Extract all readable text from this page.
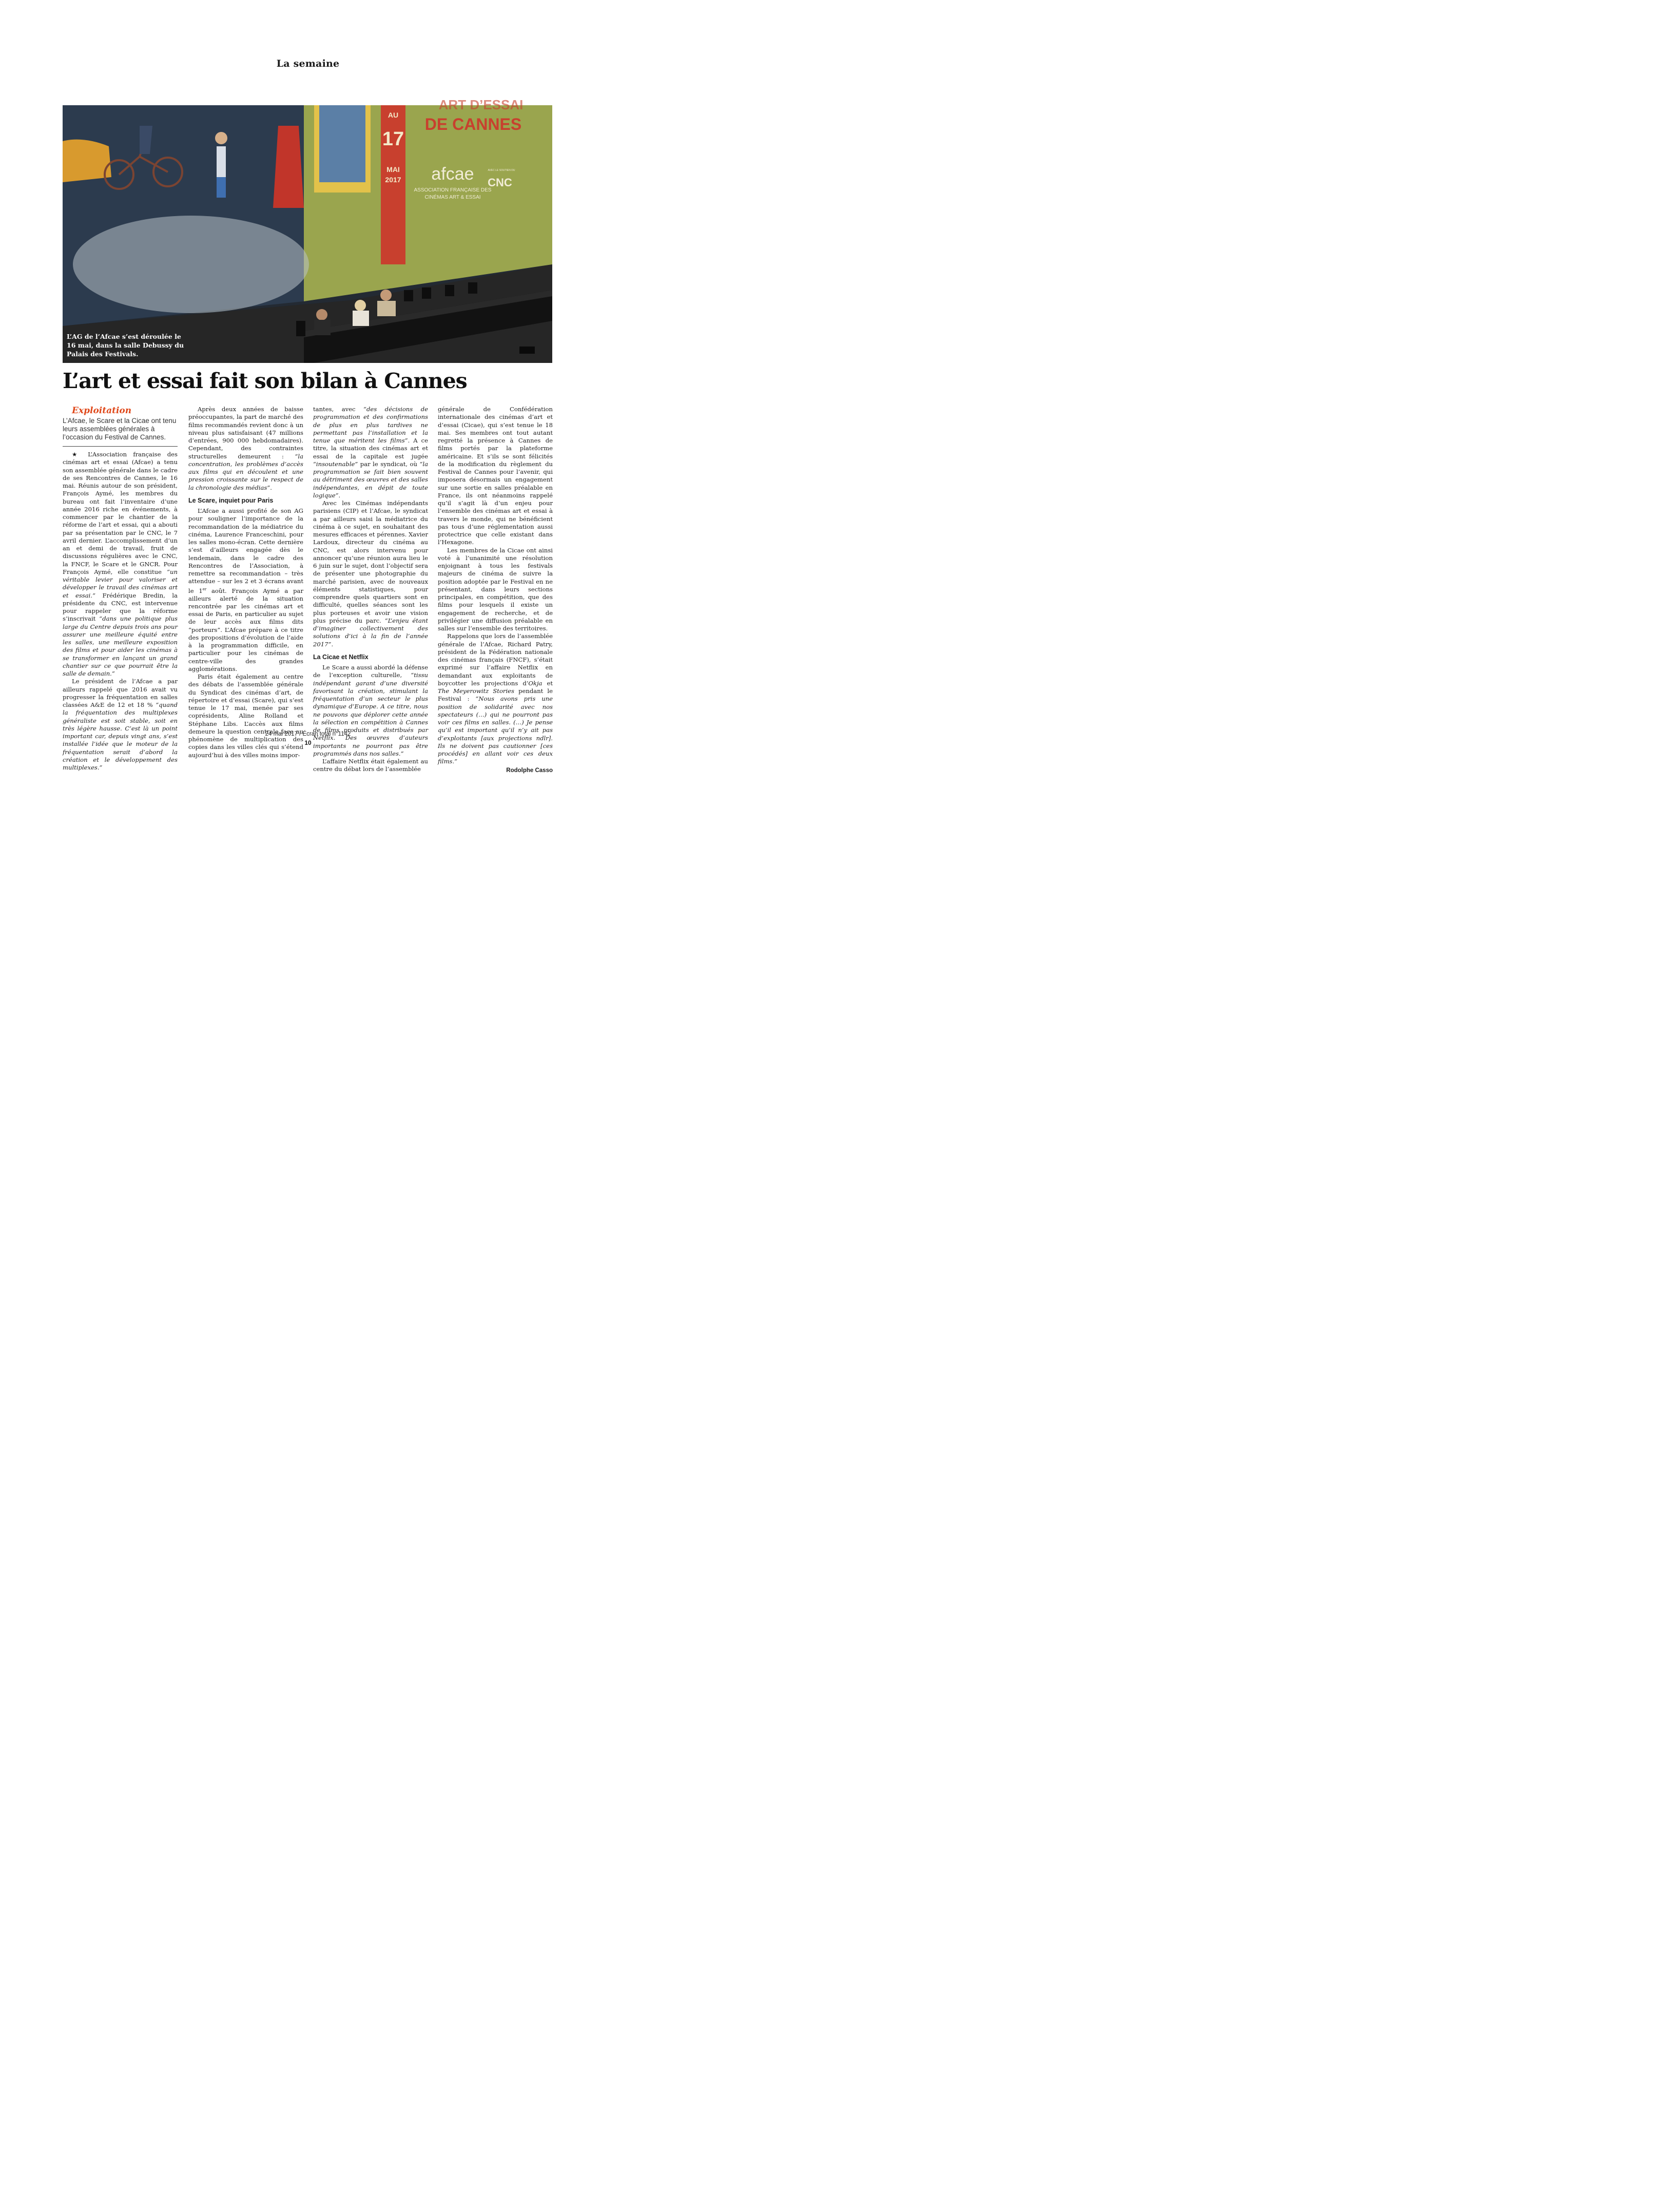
La semaine
AU
17
MAI
2017
ART D’ESSAI
DE CANNES
afcae
ASSOCIATION FRANÇAISE DES
CINÉMAS ART & ESSAI
AVEC LE SOUTIEN DU
CNC
L’AG de l’Afcae s’est déroulée le 16 mai, dans la salle Debussy du Palais des Festivals.
L’art et essai fait son bilan à Cannes
Exploitation
L’Afcae, le Scare et la Cicae ont tenu
leurs assemblées générales à
l’occasion du Festival de Cannes.

★ L’Association française des cinémas art et essai (Afcae) a tenu son assemblée générale dans le cadre de ses Rencontres de Cannes, le 16 mai. Réunis autour de son président, François Aymé, les membres du bureau ont fait l’inventaire d’une année 2016 riche en événements, à commencer par le chantier de la réforme de l’art et essai, qui a abouti par sa présentation par le CNC, le 7 avril dernier. L’accomplissement d’un an et demi de travail, fruit de discussions régulières avec le CNC, la FNCF, le Scare et le GNCR. Pour François Aymé, elle constitue “un véritable levier pour valoriser et développer le travail des cinémas art et essai.” Frédérique Bredin, la présidente du CNC, est intervenue pour rappeler que la réforme s’inscrivait “dans une politique plus large du Centre depuis trois ans pour assurer une meilleure équité entre les salles, une meilleure exposition des films et pour aider les cinémas à se transformer en lançant un grand chantier sur ce que pourrait être la salle de demain.”

Le président de l’Afcae a par ailleurs rappelé que 2016 avait vu progresser la fréquentation en salles classées A&E de 12 et 18 % “quand la fréquentation des multiplexes généraliste est soit stable, soit en très légère hausse. C’est là un point important car, depuis vingt ans, s’est installée l’idée que le moteur de la fréquentation serait d’abord la création et le développement des multiplexes.”

Après deux années de baisse préoccupantes, la part de marché des films recommandés revient donc à un niveau plus satisfaisant (47 millions d’entrées, 900 000 hebdomadaires). Cependant, des contraintes structurelles demeurent : “la concentration, les problèmes d’accès aux films qui en découlent et une pression croissante sur le respect de la chronologie des médias”.

Le Scare, inquiet pour Paris

L’Afcae a aussi profité de son AG pour souligner l’importance de la recommandation de la médiatrice du cinéma, Laurence Franceschini, pour les salles mono-écran. Cette dernière s’est d’ailleurs engagée dès le lendemain, dans le cadre des Rencontres de l’Association, à remettre sa recommandation – très attendue – sur les 2 et 3 écrans avant le 1er août. François Aymé a par ailleurs alerté de la situation rencontrée par les cinémas art et essai de Paris, en particulier au sujet de leur accès aux films dits “porteurs”. L’Afcae prépare à ce titre des propositions d’évolution de l’aide à la programmation difficile, en particulier pour les cinémas de centre-ville des grandes agglomérations.

Paris était également au centre des débats de l’assemblée générale du Syndicat des cinémas d’art, de répertoire et d’essai (Scare), qui s’est tenue le 17 mai, menée par ses coprésidents, Aline Rolland et Stéphane Libs. L’accès aux films demeure la question centrale face au phénomène de multiplication des copies dans les villes clés qui s’étend aujourd’hui à des villes moins impor-

tantes, avec “des décisions de programmation et des confirmations de plus en plus tardives ne permettant pas l’installation et la tenue que méritent les films”. A ce titre, la situation des cinémas art et essai de la capitale est jugée “insoutenable” par le syndicat, où “la programmation se fait bien souvent au détriment des œuvres et des salles indépendantes, en dépit de toute logique”.

Avec les Cinémas indépendants parisiens (CIP) et l’Afcae, le syndicat a par ailleurs saisi la médiatrice du cinéma à ce sujet, en souhaitant des mesures efficaces et pérennes. Xavier Lardoux, directeur du cinéma au CNC, est alors intervenu pour annoncer qu’une réunion aura lieu le 6 juin sur le sujet, dont l’objectif sera de présenter une photographie du marché parisien, avec de nouveaux éléments statistiques, pour comprendre quels quartiers sont en difficulté, quelles séances sont les plus porteuses et avoir une vision plus précise du parc. “L’enjeu étant d’imaginer collectivement des solutions d’ici à la fin de l’année 2017”.

La Cicae et Netflix

Le Scare a aussi abordé la défense de l’exception culturelle, “tissu indépendant garant d’une diversité favorisant la création, stimulant la fréquentation d’un secteur le plus dynamique d’Europe. A ce titre, nous ne pouvons que déplorer cette année la sélection en compétition à Cannes de films produits et distribués par Netflix. Des œuvres d’auteurs importants ne pourront pas être programmés dans nos salles.”

L’affaire Netflix était également au centre du débat lors de l’assemblée

générale de Confédération internationale des cinémas d’art et d’essai (Cicae), qui s’est tenue le 18 mai. Ses membres ont tout autant regretté la présence à Cannes de films portés par la plateforme américaine. Et s’ils se sont félicités de la modification du règlement du Festival de Cannes pour l’avenir, qui imposera désormais un engagement sur une sortie en salles préalable en France, ils ont néanmoins rappelé qu’il s’agit là d’un enjeu pour l’ensemble des cinémas art et essai à travers le monde, qui ne bénéficient pas tous d’une réglementation aussi protectrice que celle existant dans l’Hexagone.

Les membres de la Cicae ont ainsi voté à l’unanimité une résolution enjoignant à tous les festivals majeurs de cinéma de suivre la position adoptée par le Festival en ne présentant, dans leurs sections principales, en compétition, que des films pour lesquels il existe un engagement de recherche, et de privilégier une diffusion préalable en salles sur l’ensemble des territoires.

Rappelons que lors de l’assemblée générale de l’Afcae, Richard Patry, président de la Fédération nationale des cinémas français (FNCF), s’était exprimé sur l’affaire Netflix en demandant aux exploitants de boycotter les projections d’Okja et The Meyerowitz Stories pendant le Festival : “Nous avons pris une position de solidarité avec nos spectateurs (…) qui ne pourront pas voir ces films en salles. (…) Je pense qu’il est important qu’il n’y ait pas d’exploitants [aux projections ndlr]. Ils ne doivent pas cautionner [ces procédés] en allant voir ces deux films.”

Rodolphe Casso
24 mai 2017 / Écran total n°1142
10
